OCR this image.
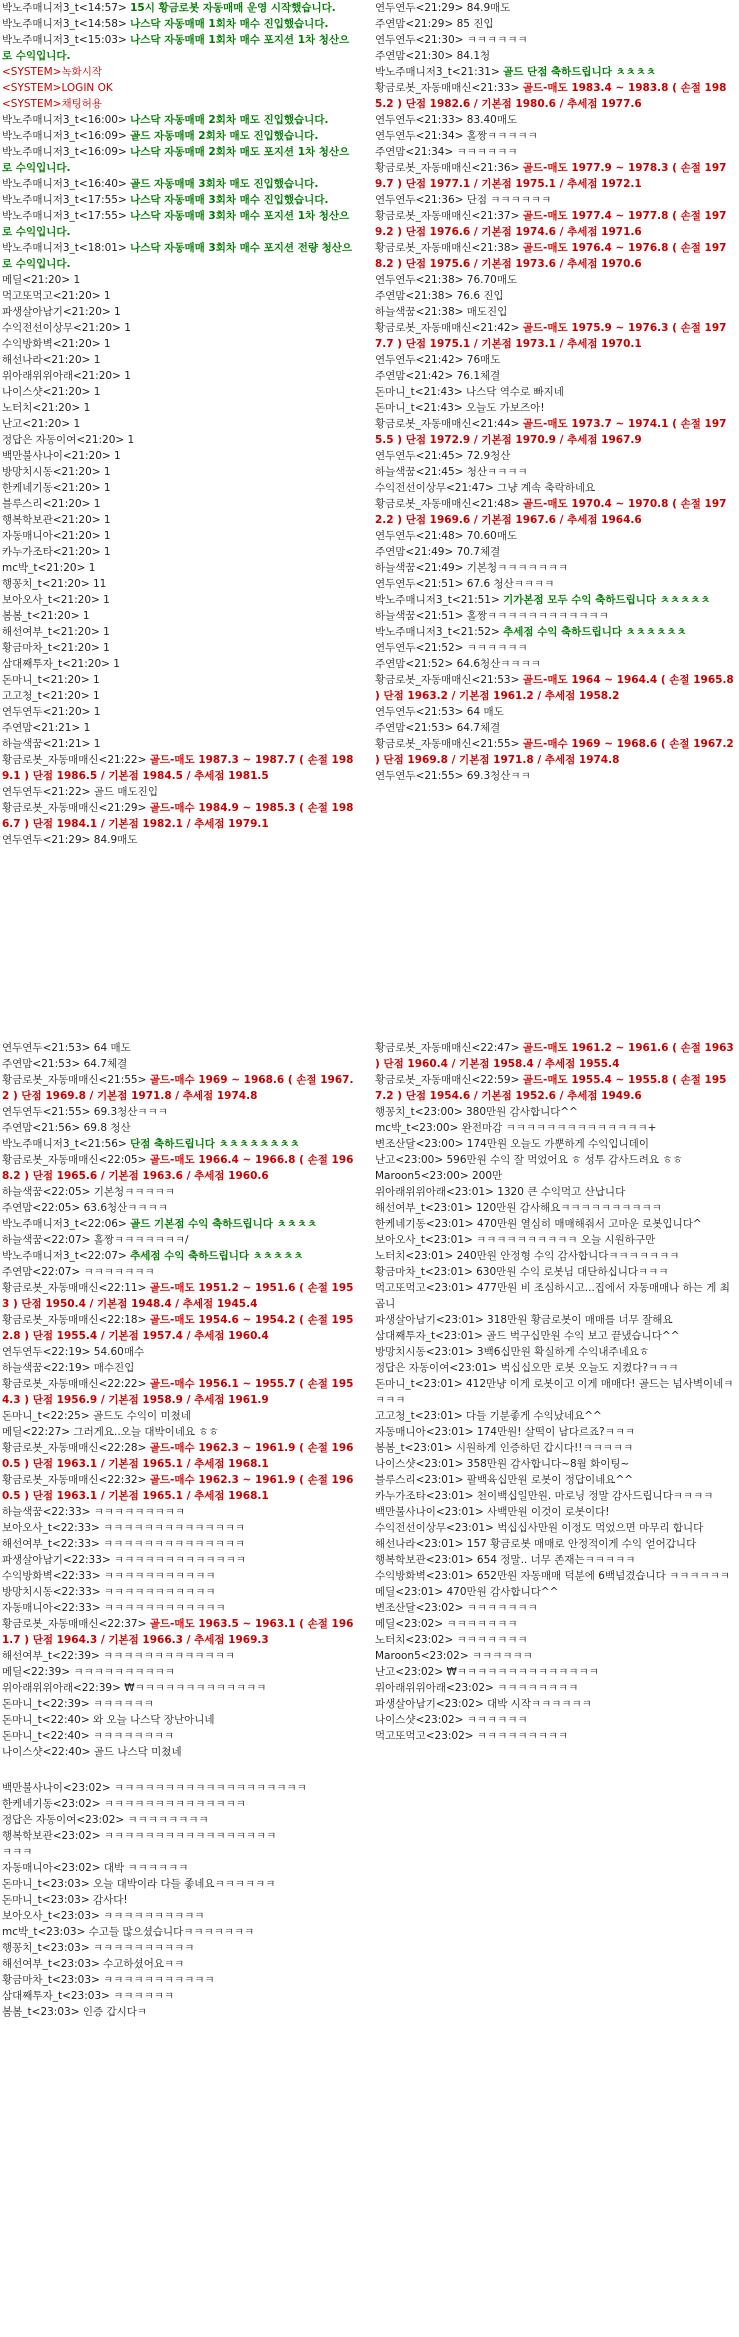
박노주매니저3_t<14:57> 15시 황금로봇 자동매매 운영 시작했습니다.
박노주매니저3_t<14:58> 나스닥 자동매매 1회차 매수 진입했습니다.
박노주매니저3_t<15:03> 나스닥 자동매매 1회차 매수 포지션 1차 청산으로 수익입니다.
<SYSTEM>녹화시작
<SYSTEM>LOGIN OK
<SYSTEM>채팅허용
박노주매니저3_t<16:00> 나스닥 자동매매 2회차 매도 진입했습니다.
박노주매니저3_t<16:09> 골드 자동매매 2회차 매도 진입했습니다.
박노주매니저3_t<16:09> 나스닥 자동매매 2회차 매도 포지션 1차 청산으로 수익입니다.
박노주매니저3_t<16:40> 골드 자동매매 3회차 매도 진입했습니다.
박노주매니저3_t<17:55> 나스닥 자동매매 3회차 매수 진입했습니다.
박노주매니저3_t<17:55> 나스닥 자동매매 3회차 매수 포지션 1차 청산으로 수익입니다.
박노주매니저3_t<18:01> 나스닥 자동매매 3회차 매수 포지션 전량 청산으로 수익입니다.
메딜<21:20> 1
먹고또먹고<21:20> 1
파생살아남기<21:20> 1
수익전선이상무<21:20> 1
수익방화벽<21:20> 1
해선나라<21:20> 1
위아래위위아래<21:20> 1
나이스샷<21:20> 1
노터치<21:20> 1
난고<21:20> 1
정답은 자동이여<21:20> 1
백만불사나이<21:20> 1
방망치시동<21:20> 1
한케네기동<21:20> 1
블루스리<21:20> 1
행복학보관<21:20> 1
자동매니아<21:20> 1
카누가조타<21:20> 1
mc박_t<21:20> 1
행꽁치_t<21:20> 11
보아오사_t<21:20> 1
봄봄_t<21:20> 1
해선여부_t<21:20> 1
황금마차_t<21:20> 1
삼대째투자_t<21:20> 1
돈마니_t<21:20> 1
고고청_t<21:20> 1
연두연두<21:20> 1
주연맘<21:21> 1
하늘색꿈<21:21> 1
황금로봇_자동매매신<21:22> 골드-매도 1987.3 ~ 1987.7 ( 손절 1989.1 ) 단점 1986.5 / 기본점 1984.5 / 추세점 1981.5
연두연두<21:22> 골드 매도진입
황금로봇_자동매매신<21:29> 골드-매수 1984.9 ~ 1985.3 ( 손절 1986.7 ) 단점 1984.1 / 기본점 1982.1 / 추세점 1979.1
연두연두<21:29> 84.9매도
연두연두<21:29> 84.9매도
주연맘<21:29> 85 진입
연두연두<21:30> ㅋㅋㅋㅋㅋㅋ
주연맘<21:30> 84.1청
박노주매니저3_t<21:31> 골드 단점 축하드립니다 ㅊㅊㅊㅊ
황금로봇_자동매매신<21:33> 골드-매도 1983.4 ~ 1983.8 ( 손절 1985.2 ) 단점 1982.6 / 기본점 1980.6 / 추세점 1977.6
연두연두<21:33> 83.40매도
연두연두<21:34> 홀짱ㅋㅋㅋㅋㅋ
주연맘<21:34> ㅋㅋㅋㅋㅋㅋ
황금로봇_자동매매신<21:36> 골드-매도 1977.9 ~ 1978.3 ( 손절 1979.7 ) 단점 1977.1 / 기본점 1975.1 / 추세점 1972.1
연두연두<21:36> 단점 ㅋㅋㅋㅋㅋㅋ
황금로봇_자동매매신<21:37> 골드-매도 1977.4 ~ 1977.8 ( 손절 1979.2 ) 단점 1976.6 / 기본점 1974.6 / 추세점 1971.6
황금로봇_자동매매신<21:38> 골드-매도 1976.4 ~ 1976.8 ( 손절 1978.2 ) 단점 1975.6 / 기본점 1973.6 / 추세점 1970.6
연두연두<21:38> 76.70매도
주연맘<21:38> 76.6 진입
하늘색꿈<21:38> 매도진입
황금로봇_자동매매신<21:42> 골드-매도 1975.9 ~ 1976.3 ( 손절 1977.7 ) 단점 1975.1 / 기본점 1973.1 / 추세점 1970.1
연두연두<21:42> 76매도
주연맘<21:42> 76.1체결
돈마니_t<21:43> 나스닥 역수로 빠지네
돈마니_t<21:43> 오늘도 가보즈아!
황금로봇_자동매매신<21:44> 골드-매도 1973.7 ~ 1974.1 ( 손절 1975.5 ) 단점 1972.9 / 기본점 1970.9 / 추세점 1967.9
연두연두<21:45> 72.9청산
하늘색꿈<21:45> 청산ㅋㅋㅋㅋ
수익전선이상무<21:47> 그냥 계속 축락하네요
황금로봇_자동매매신<21:48> 골드-매도 1970.4 ~ 1970.8 ( 손절 1972.2 ) 단점 1969.6 / 기본점 1967.6 / 추세점 1964.6
연두연두<21:48> 70.60매도
주연맘<21:49> 70.7체결
하늘색꿈<21:49> 기본청ㅋㅋㅋㅋㅋㅋㅋ
연두연두<21:51> 67.6 청산ㅋㅋㅋㅋ
박노주매니저3_t<21:51> 기가본점 모두 수익 축하드립니다 ㅊㅊㅊㅊㅊ
하늘색꿈<21:51> 홀짱ㅋㅋㅋㅋㅋㅋㅋㅋㅋㅋㅋㅋ
박노주매니저3_t<21:52> 추세점 수익 축하드립니다 ㅊㅊㅊㅊㅊㅊ
연두연두<21:52> ㅋㅋㅋㅋㅋㅋ
주연맘<21:52> 64.6청산ㅋㅋㅋㅋ
황금로봇_자동매매신<21:53> 골드-매도 1964 ~ 1964.4 ( 손절 1965.8 ) 단점 1963.2 / 기본점 1961.2 / 추세점 1958.2
연두연두<21:53> 64 매도
주연맘<21:53> 64.7체결
황금로봇_자동매매신<21:55> 골드-매수 1969 ~ 1968.6 ( 손절 1967.2 ) 단점 1969.8 / 기본점 1971.8 / 추세점 1974.8
연두연두<21:55> 69.3청산ㅋㅋ
연두연두<21:53> 64 매도
주연맘<21:53> 64.7체결
황금로봇_자동매매신<21:55> 골드-매수 1969 ~ 1968.6 ( 손절 1967.2 ) 단점 1969.8 / 기본점 1971.8 / 추세점 1974.8
연두연두<21:55> 69.3청산ㅋㅋㅋ
주연맘<21:56> 69.8 청산
박노주매니저3_t<21:56> 단점 축하드립니다 ㅊㅊㅊㅊㅊㅊㅊㅊ
황금로봇_자동매매신<22:05> 골드-매도 1966.4 ~ 1966.8 ( 손절 1968.2 ) 단점 1965.6 / 기본점 1963.6 / 추세점 1960.6
하늘색꿈<22:05> 기본청ㅋㅋㅋㅋㅋ
주연맘<22:05> 63.6청산ㅋㅋㅋㅋ
박노주매니저3_t<22:06> 골드 기본점 수익 축하드립니다 ㅊㅊㅊㅊ
하늘색꿈<22:07> 홀짱ㅋㅋㅋㅋㅋㅋㅋ/
박노주매니저3_t<22:07> 추세점 수익 축하드립니다 ㅊㅊㅊㅊㅊ
주연맘<22:07> ㅋㅋㅋㅋㅋㅋㅋ
황금로봇_자동매매신<22:11> 골드-매도 1951.2 ~ 1951.6 ( 손절 1953 ) 단점 1950.4 / 기본점 1948.4 / 추세점 1945.4
황금로봇_자동매매신<22:18> 골드-매도 1954.6 ~ 1954.2 ( 손절 1952.8 ) 단점 1955.4 / 기본점 1957.4 / 추세점 1960.4
연두연두<22:19> 54.60매수
하늘색꿈<22:19> 매수진입
황금로봇_자동매매신<22:22> 골드-매수 1956.1 ~ 1955.7 ( 손절 1954.3 ) 단점 1956.9 / 기본점 1958.9 / 추세점 1961.9
돈마니_t<22:25> 골드도 수익이 미쳤네
메딜<22:27> 그러게요..오늘 대박이네요 ㅎㅎ
황금로봇_자동매매신<22:28> 골드-매수 1962.3 ~ 1961.9 ( 손절 1960.5 ) 단점 1963.1 / 기본점 1965.1 / 추세점 1968.1
황금로봇_자동매매신<22:32> 골드-매수 1962.3 ~ 1961.9 ( 손절 1960.5 ) 단점 1963.1 / 기본점 1965.1 / 추세점 1968.1
하늘색꿈<22:33> ㅋㅋㅋㅋㅋㅋㅋㅋㅋ
보아오사_t<22:33> ㅋㅋㅋㅋㅋㅋㅋㅋㅋㅋㅋㅋㅋㅋ
해선여부_t<22:33> ㅋㅋㅋㅋㅋㅋㅋㅋㅋㅋㅋㅋㅋㅋ
파생살아남기<22:33> ㅋㅋㅋㅋㅋㅋㅋㅋㅋㅋㅋㅋㅋ
수익방화벽<22:33> ㅋㅋㅋㅋㅋㅋㅋㅋㅋㅋㅋ
방망치시동<22:33> ㅋㅋㅋㅋㅋㅋㅋㅋㅋㅋㅋ
자동매니아<22:33> ㅋㅋㅋㅋㅋㅋㅋㅋㅋㅋㅋㅋ
황금로봇_자동매매신<22:37> 골드-매도 1963.5 ~ 1963.1 ( 손절 1961.7 ) 단점 1964.3 / 기본점 1966.3 / 추세점 1969.3
해선여부_t<22:39> ㅋㅋㅋㅋㅋㅋㅋㅋㅋㅋㅋㅋㅋ
메딜<22:39> ㅋㅋㅋㅋㅋㅋㅋㅋㅋㅋ
위아래위위아래<22:39> ₩ㅋㅋㅋㅋㅋㅋㅋㅋㅋㅋㅋㅋㅋ
돈마니_t<22:39> ㅋㅋㅋㅋㅋㅋ
돈마니_t<22:40> 와 오늘 나스닥 장난아니네
돈마니_t<22:40> ㅋㅋㅋㅋㅋㅋㅋㅋ
나이스샷<22:40> 골드 나스닥 미쳤네
황금로봇_자동매매신<22:47> 골드-매도 1961.2 ~ 1961.6 ( 손절 1963 ) 단점 1960.4 / 기본점 1958.4 / 추세점 1955.4
황금로봇_자동매매신<22:59> 골드-매도 1955.4 ~ 1955.8 ( 손절 1957.2 ) 단점 1954.6 / 기본점 1952.6 / 추세점 1949.6
행꽁치_t<23:00> 380만원 감사합니다^^
mc박_t<23:00> 완전마감 ㅋㅋㅋㅋㅋㅋㅋㅋㅋㅋㅋㅋㅋㅋ+
변조산달<23:00> 174만원 오늘도 가뿐하게 수익입니데이
난고<23:00> 596만원 수익 잘 먹었어요 ㅎ 성투 감사드려요 ㅎㅎ
Maroon5<23:00> 200만
위아래위위아래<23:01> 1320 큰 수익먹고 산납니다
해선여부_t<23:01> 120만원 감사해요ㅋㅋㅋㅋㅋㅋㅋㅋㅋㅋ
한케네기동<23:01> 470만원 열심히 매매해줘서 고마운 로봇입니다^
보아오사_t<23:01> ㅋㅋㅋㅋㅋㅋㅋㅋㅋㅋ 오늘 시원하구만
노터치<23:01> 240만원 안정형 수익 감사합니다ㅋㅋㅋㅋㅋㅋㅋ
황금마차_t<23:01> 630만원 수익 로봇님 대단하십니다ㅋㅋㅋ
먹고또먹고<23:01> 477만원 비 조심하시고...집에서 자동매매나 하는 게 최곱니
파생살아남기<23:01> 318만원 황금로봇이 매매를 너무 잘해요
삼대째투자_t<23:01> 골드 벅구십만원 수익 보고 끝냈습니다^^
방망치시동<23:01> 3백6십만원 확실하게 수익내주네요ㅎ
정답은 자동이여<23:01> 벅십십오만 로봇 오늘도 지켰다?ㅋㅋㅋ
돈마니_t<23:01> 412만냥 이게 로봇이고 이게 매매다! 골드는 넘사벽이네ㅋㅋㅋㅋ
고고청_t<23:01> 다들 기분좋게 수익났네요^^
자동매니아<23:01> 174만원! 살떡이 남다르죠?ㅋㅋㅋ
봄봄_t<23:01> 시원하게 인증하던 갑시다!!ㅋㅋㅋㅋㅋ
나이스샷<23:01> 358만원 감사합니다~8월 화이팅~
블루스리<23:01> 팔백육십만원 로봇이 정답이네요^^
카누가조타<23:01> 천이백십일만원. 마로닝 정말 감사드립니다ㅋㅋㅋㅋ
백만불사나이<23:01> 사백만원 이것이 로봇이다!
수익전선이상무<23:01> 벅십십사만원 이정도 먹었으면 마무리 합니다
해선나라<23:01> 157 황금로봇 매매로 안정적이게 수익 얻어갑니다
행복학보관<23:01> 654 정말.. 너무 존재는ㅋㅋㅋㅋㅋ
수익방화벽<23:01> 652만원 자동매매 덕분에 6백넘겼습니다 ㅋㅋㅋㅋㅋㅋ
메딜<23:01> 470만원 감사합니다^^
변조산달<23:02> ㅋㅋㅋㅋㅋㅋㅋ
메딜<23:02> ㅋㅋㅋㅋㅋㅋㅋ
노터치<23:02> ㅋㅋㅋㅋㅋㅋㅋ
Maroon5<23:02> ㅋㅋㅋㅋㅋㅋ
난고<23:02> ₩ㅋㅋㅋㅋㅋㅋㅋㅋㅋㅋㅋㅋㅋㅋ
위아래위위아래<23:02> ㅋㅋㅋㅋㅋㅋㅋㅋ
파생살아남기<23:02> 대박 시작ㅋㅋㅋㅋㅋㅋ
나이스샷<23:02> ㅋㅋㅋㅋㅋㅋ
먹고또먹고<23:02> ㅋㅋㅋㅋㅋㅋㅋㅋㅋ
백만불사나이<23:02> ㅋㅋㅋㅋㅋㅋㅋㅋㅋㅋㅋㅋㅋㅋㅋㅋㅋㅋㅋ
한케네기동<23:02> ㅋㅋㅋㅋㅋㅋㅋㅋㅋㅋㅋㅋㅋㅋ
정답은 자동이여<23:02> ㅋㅋㅋㅋㅋㅋㅋㅋ
행복학보관<23:02> ㅋㅋㅋㅋㅋㅋㅋㅋㅋㅋㅋㅋㅋㅋㅋㅋㅋ
ㅋㅋㅋ
자동매니아<23:02> 대박 ㅋㅋㅋㅋㅋㅋ
돈마니_t<23:03> 오늘 대박이라 다들 좋네요ㅋㅋㅋㅋㅋㅋ
돈마니_t<23:03> 감사다!
보아오사_t<23:03> ㅋㅋㅋㅋㅋㅋㅋㅋㅋㅋ
mc박_t<23:03> 수고들 많으셨습니다ㅋㅋㅋㅋㅋㅋㅋ
행꽁치_t<23:03> ㅋㅋㅋㅋㅋㅋㅋㅋㅋㅋ
해선여부_t<23:03> 수고하셨어요ㅋㅋ
황금마차_t<23:03> ㅋㅋㅋㅋㅋㅋㅋㅋㅋㅋㅋ
삼대째투자_t<23:03> ㅋㅋㅋㅋㅋㅋ
봄봄_t<23:03> 인증 갑시다ㅋ
